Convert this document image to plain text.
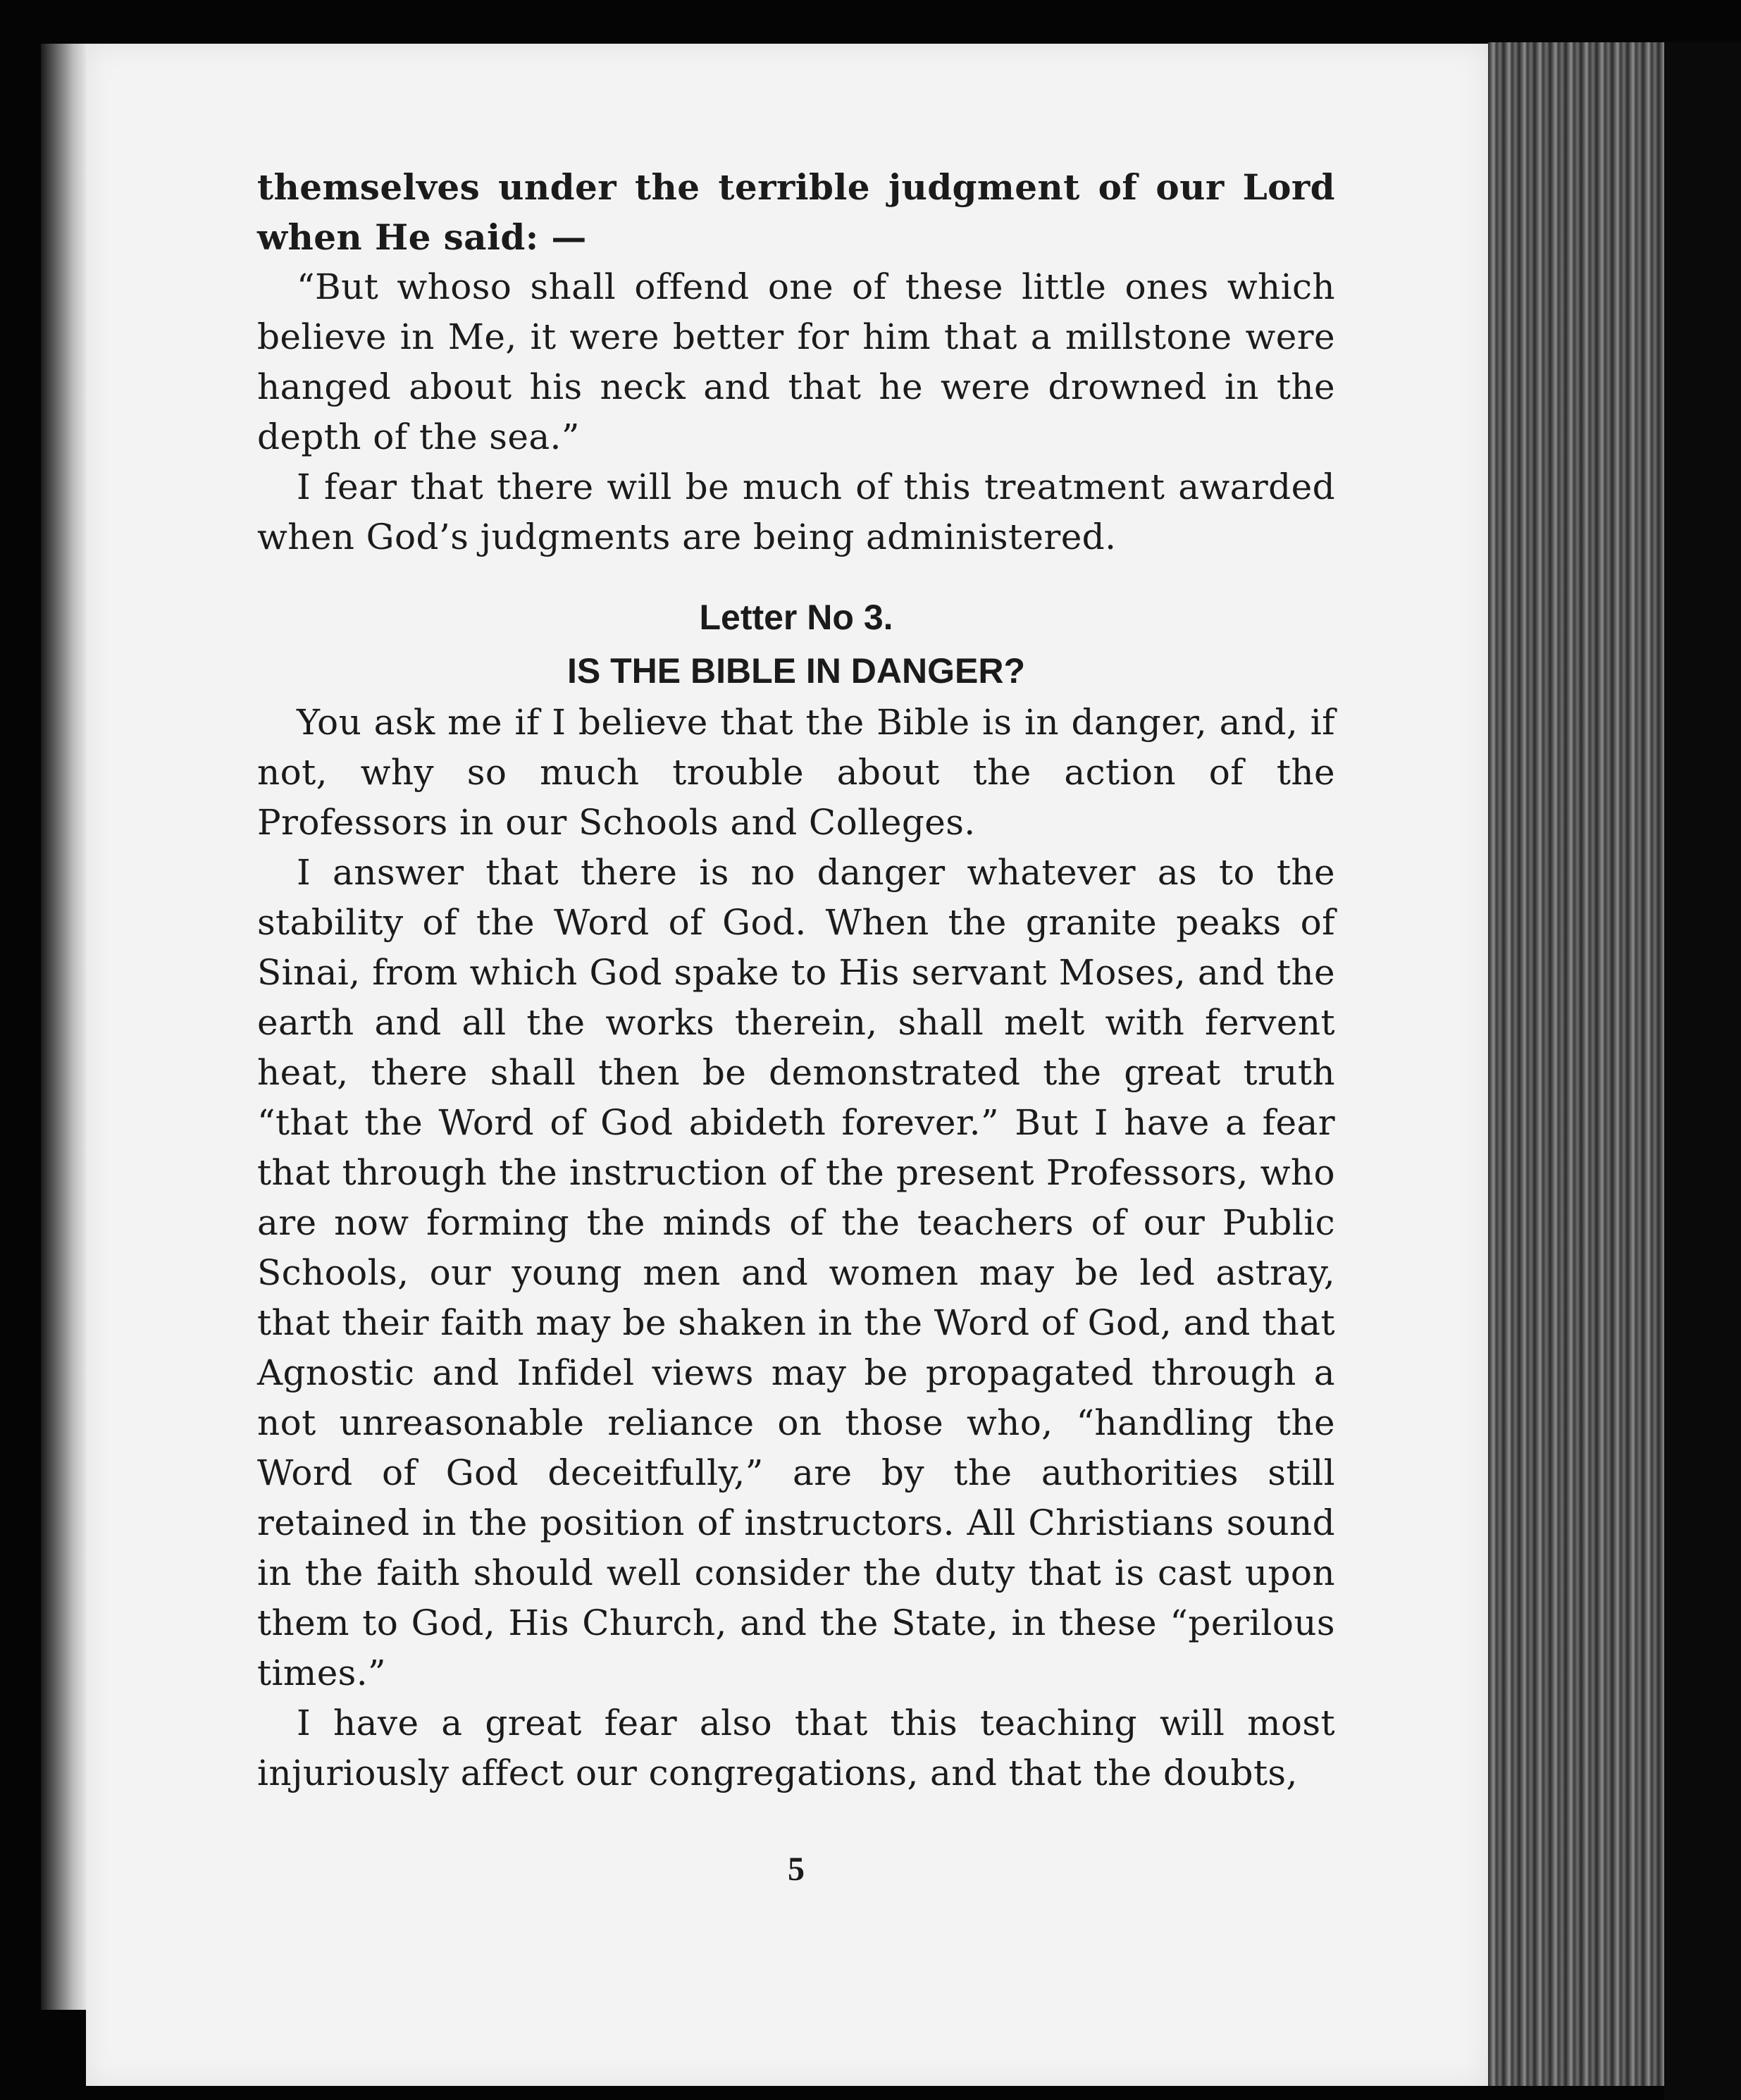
themselves under the terrible judgment of our Lord when He said: —

“But whoso shall offend one of these little ones which believe in Me, it were better for him that a millstone were hanged about his neck and that he were drowned in the depth of the sea.”

I fear that there will be much of this treatment awarded when God’s judgments are being administered.

Letter No 3.

IS THE BIBLE IN DANGER?

You ask me if I believe that the Bible is in danger, and, if not, why so much trouble about the action of the Professors in our Schools and Colleges.

I answer that there is no danger whatever as to the stability of the Word of God. When the granite peaks of Sinai, from which God spake to His servant Moses, and the earth and all the works therein, shall melt with fervent heat, there shall then be demonstrated the great truth “that the Word of God abideth forever.” But I have a fear that through the instruction of the present Professors, who are now forming the minds of the teachers of our Public Schools, our young men and women may be led astray, that their faith may be shaken in the Word of God, and that Agnostic and Infidel views may be propagated through a not unreasonable reliance on those who, “handling the Word of God deceitfully,” are by the authorities still retained in the position of instructors. All Christians sound in the faith should well consider the duty that is cast upon them to God, His Church, and the State, in these “perilous times.”

I have a great fear also that this teaching will most injuriously affect our congregations, and that the doubts,

5
